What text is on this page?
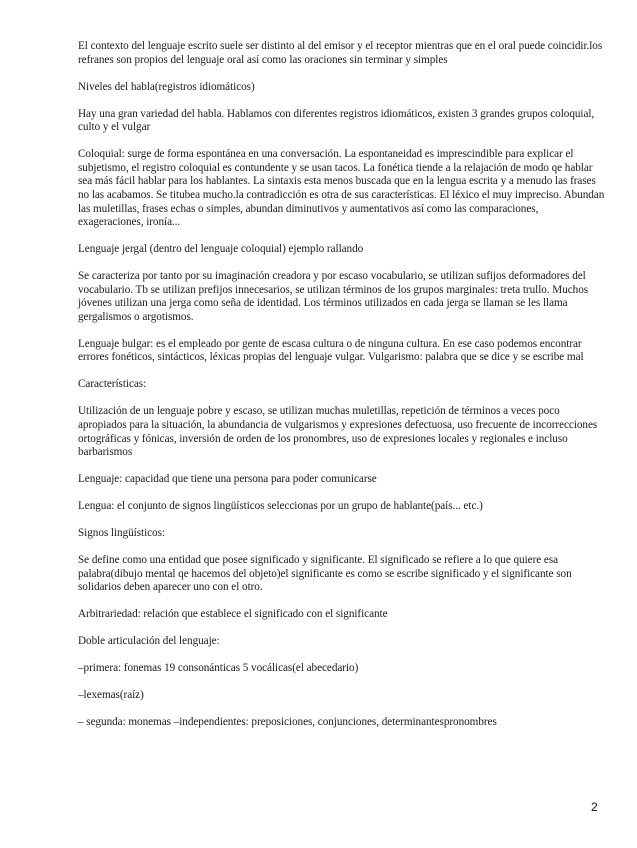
El contexto del lenguaje escrito suele ser distinto al del emisor y el receptor mientras que en el oral puede coincidir.los refranes son propios del lenguaje oral así como las oraciones sin terminar y simples

Niveles del habla(registros idiomáticos)

Hay una gran variedad del habla. Hablamos con diferentes registros idiomáticos, existen 3 grandes grupos coloquial, culto y el vulgar

Coloquial: surge de forma espontánea en una conversación. La espontaneidad es imprescindible para explicar el subjetismo, el registro coloquial es contundente y se usan tacos. La fonética tiende a la relajación de modo qe hablar sea más fácil hablar para los hablantes. La sintaxis esta menos buscada que en la lengua escrita y a menudo las frases no las acabamos. Se titubea mucho.la contradicción es otra de sus características. El léxico el muy impreciso. Abundan las muletillas, frases echas o simples, abundan diminutivos y aumentativos así como las comparaciones, exageraciones, ironía...

Lenguaje jergal (dentro del lenguaje coloquial) ejemplo rallando

Se caracteriza por tanto por su imaginación creadora y por escaso vocabulario, se utilizan sufijos deformadores del vocabulario. Tb se utilizan prefijos innecesarios, se utilizan términos de los grupos marginales: treta trullo. Muchos jóvenes utilizan una jerga como seña de identidad. Los términos utilizados en cada jerga se llaman se les llama gergalismos o argotismos.

Lenguaje bulgar: es el empleado por gente de escasa cultura o de ninguna cultura. En ese caso podemos encontrar errores fonéticos, sintácticos, léxicas propias del lenguaje vulgar. Vulgarismo: palabra que se dice y se escribe mal

Características:

Utilización de un lenguaje pobre y escaso, se utilizan muchas muletillas, repetición de términos a veces poco apropiados para la situación, la abundancia de vulgarismos y expresiones defectuosa, uso frecuente de incorrecciones ortográficas y fónicas, inversión de orden de los pronombres, uso de expresiones locales y regionales e incluso barbarismos

Lenguaje: capacidad que tiene una persona para poder comunicarse

Lengua: el conjunto de signos lingüísticos seleccionas por un grupo de hablante(país... etc.)

Signos lingüísticos:

Se define como una entidad que posee significado y significante. El significado se refiere a lo que quiere esa palabra(dibujo mental qe hacemos del objeto)el significante es como se escribe significado y el significante son solidarios deben aparecer uno con el otro.

Arbitrariedad: relación que establece el significado con el significante

Doble articulación del lenguaje:

–primera: fonemas 19 consonánticas 5 vocálicas(el abecedario)

–lexemas(raíz)

– segunda: monemas –independientes: preposiciones, conjunciones, determinantespronombres

2
